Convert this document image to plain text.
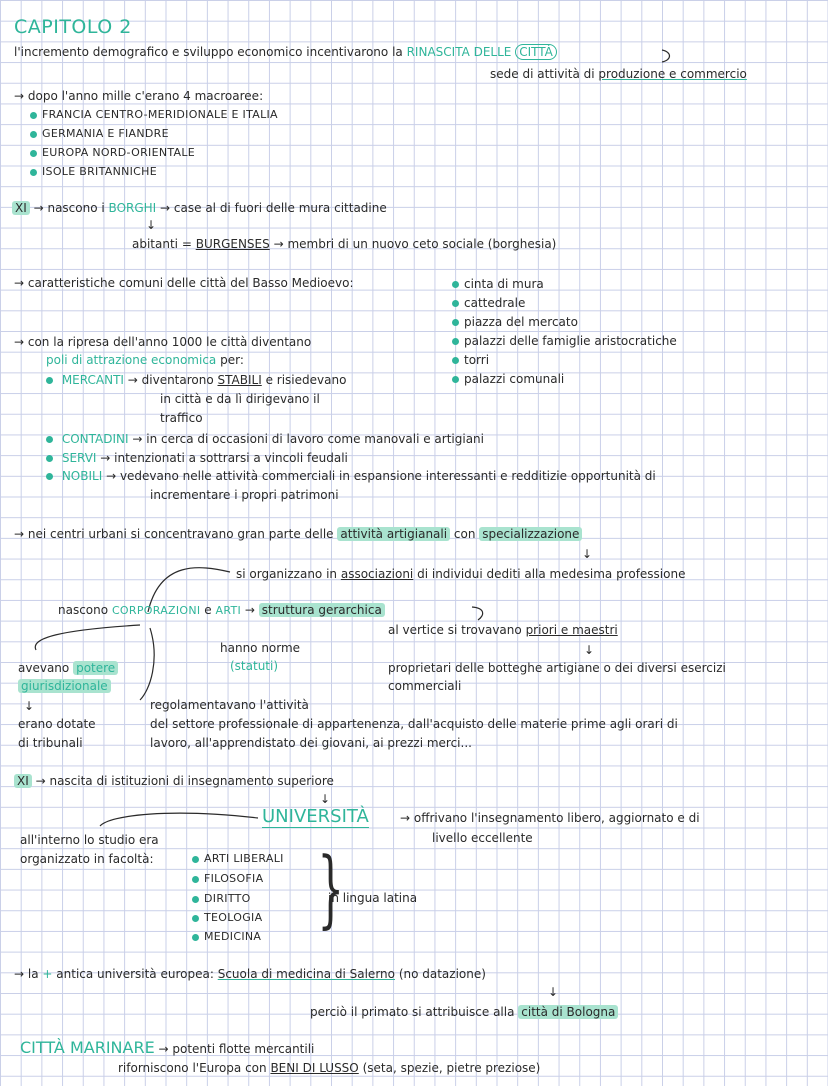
CAPITOLO 2
l'incremento demografico e sviluppo economico incentivarono la RINASCITA DELLE CITTÀ
sede di attività di produzione e commercio
→ dopo l'anno mille c'erano 4 macroaree:
FRANCIA CENTRO-MERIDIONALE E ITALIA
GERMANIA E FIANDRE
EUROPA NORD-ORIENTALE
ISOLE BRITANNICHE
XI → nascono i BORGHI → case al di fuori delle mura cittadine
↓
abitanti = BURGENSES → membri di un nuovo ceto sociale (borghesia)
→ caratteristiche comuni delle città del Basso Medioevo:	cinta di mura
cattedrale
piazza del mercato
palazzi delle famiglie aristocratiche
torri
palazzi comunali
→ con la ripresa dell'anno 1000 le città diventano
poli di attrazione economica per:
MERCANTI → diventarono STABILI e risiedevano
in città e da lì dirigevano il
traffico
CONTADINI → in cerca di occasioni di lavoro come manovali e artigiani
SERVI → intenzionati a sottrarsi a vincoli feudali
NOBILI → vedevano nelle attività commerciali in espansione interessanti e redditizie opportunità di
incrementare i propri patrimoni
→ nei centri urbani si concentravano gran parte delle attività artigianali con specializzazione
↓
si organizzano in associazioni di individui dediti alla medesima professione
nascono CORPORAZIONI e ARTI → struttura gerarchica
al vertice si trovavano priori e maestri
↓
proprietari delle botteghe artigiane o dei diversi esercizi
commerciali
hanno norme
(statuti)
avevano potere
giurisdizionale
↓
erano dotate
di tribunali
regolamentavano l'attività
del settore professionale di appartenenza, dall'acquisto delle materie prime agli orari di
lavoro, all'apprendistato dei giovani, ai prezzi merci...
XI → nascita di istituzioni di insegnamento superiore
↓
UNIVERSITÀ	→ offrivano l'insegnamento libero, aggiornato e di
livello eccellente
all'interno lo studio era
organizzato in facoltà:	ARTI LIBERALI
FILOSOFIA
DIRITTO
TEOLOGIA
MEDICINA }
in lingua latina
→ la + antica università europea: Scuola di medicina di Salerno (no datazione)
↓
perciò il primato si attribuisce alla città di Bologna
CITTÀ MARINARE → potenti flotte mercantili
riforniscono l'Europa con BENI DI LUSSO (seta, spezie, pietre preziose)
